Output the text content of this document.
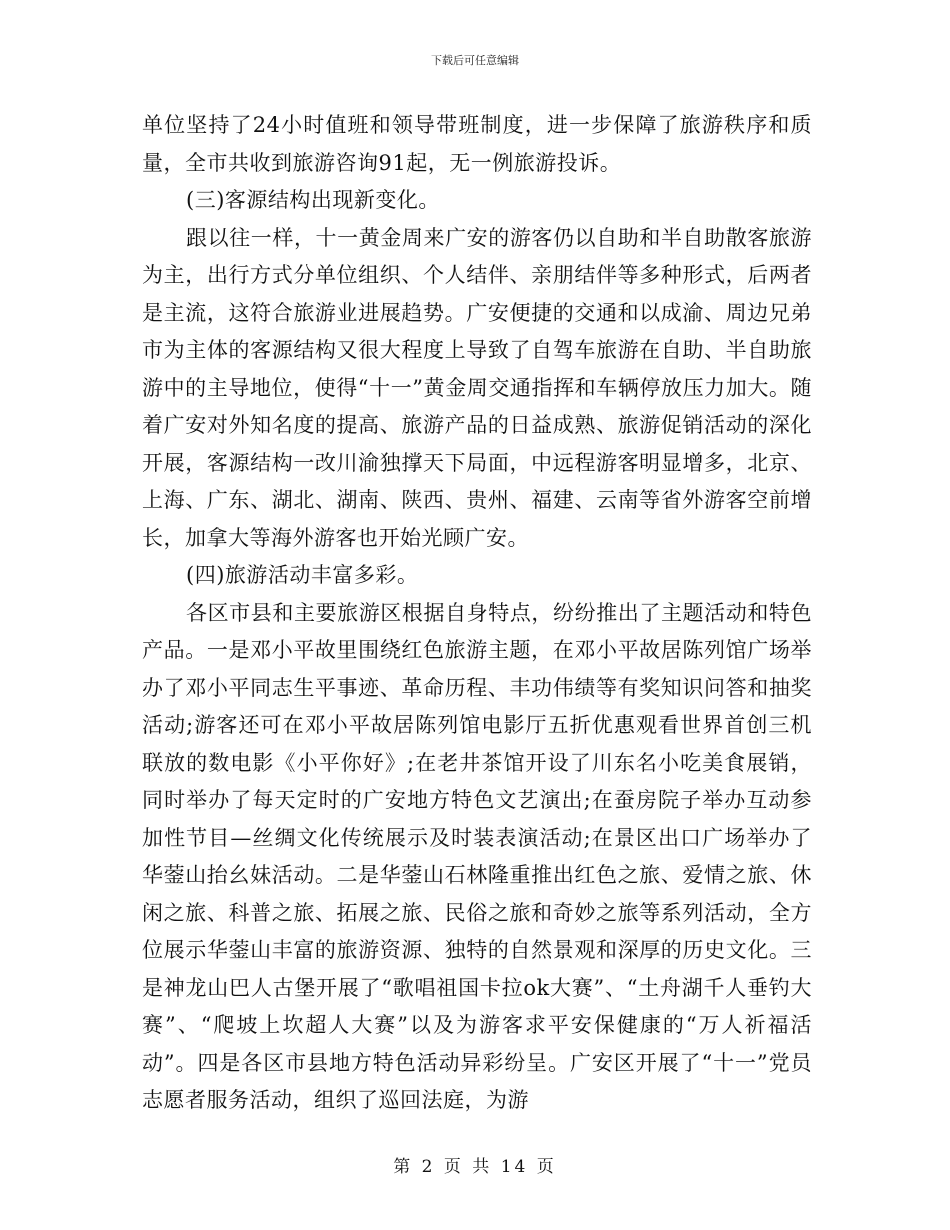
下载后可任意编辑

单位坚持了24小时值班和领导带班制度，进一步保障了旅游秩序和质量，全市共收到旅游咨询91起，无一例旅游投诉。

(三)客源结构出现新变化。

跟以往一样，十一黄金周来广安的游客仍以自助和半自助散客旅游为主，出行方式分单位组织、个人结伴、亲朋结伴等多种形式，后两者是主流，这符合旅游业进展趋势。广安便捷的交通和以成渝、周边兄弟市为主体的客源结构又很大程度上导致了自驾车旅游在自助、半自助旅游中的主导地位，使得“十一”黄金周交通指挥和车辆停放压力加大。随着广安对外知名度的提高、旅游产品的日益成熟、旅游促销活动的深化开展，客源结构一改川渝独撑天下局面，中远程游客明显增多，北京、上海、广东、湖北、湖南、陕西、贵州、福建、云南等省外游客空前增长，加拿大等海外游客也开始光顾广安。

(四)旅游活动丰富多彩。

各区市县和主要旅游区根据自身特点，纷纷推出了主题活动和特色产品。一是邓小平故里围绕红色旅游主题，在邓小平故居陈列馆广场举办了邓小平同志生平事迹、革命历程、丰功伟绩等有奖知识问答和抽奖活动;游客还可在邓小平故居陈列馆电影厅五折优惠观看世界首创三机联放的数电影《小平你好》;在老井茶馆开设了川东名小吃美食展销，同时举办了每天定时的广安地方特色文艺演出;在蚕房院子举办互动参加性节目—丝绸文化传统展示及时装表演活动;在景区出口广场举办了华蓥山抬幺妹活动。二是华蓥山石林隆重推出红色之旅、爱情之旅、休闲之旅、科普之旅、拓展之旅、民俗之旅和奇妙之旅等系列活动，全方位展示华蓥山丰富的旅游资源、独特的自然景观和深厚的历史文化。三是神龙山巴人古堡开展了“歌唱祖国卡拉ok大赛”、“土舟湖千人垂钓大赛”、“爬坡上坎超人大赛”以及为游客求平安保健康的“万人祈福活动”。四是各区市县地方特色活动异彩纷呈。广安区开展了“十一”党员志愿者服务活动，组织了巡回法庭，为游

第 2 页 共 14 页
